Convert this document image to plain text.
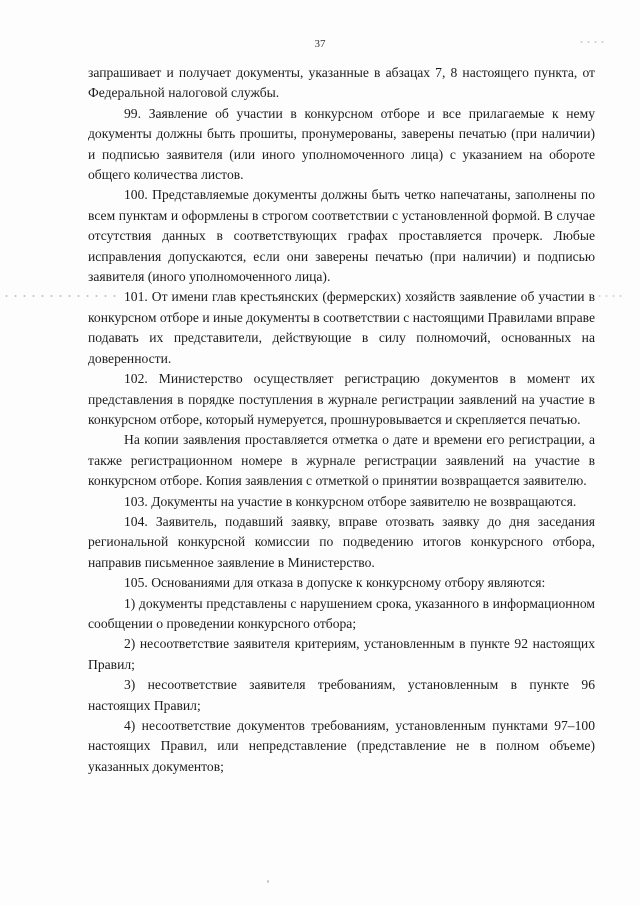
37

запрашивает и получает документы, указанные в абзацах 7, 8 настоящего пункта, от Федеральной налоговой службы.

99. Заявление об участии в конкурсном отборе и все прилагаемые к нему документы должны быть прошиты, пронумерованы, заверены печатью (при наличии) и подписью заявителя (или иного уполномоченного лица) с указанием на обороте общего количества листов.

100. Представляемые документы должны быть четко напечатаны, заполнены по всем пунктам и оформлены в строгом соответствии с установленной формой. В случае отсутствия данных в соответствующих графах проставляется прочерк. Любые исправления допускаются, если они заверены печатью (при наличии) и подписью заявителя (иного уполномоченного лица).

101. От имени глав крестьянских (фермерских) хозяйств заявление об участии в конкурсном отборе и иные документы в соответствии с настоящими Правилами вправе подавать их представители, действующие в силу полномочий, основанных на доверенности.

102. Министерство осуществляет регистрацию документов в момент их представления в порядке поступления в журнале регистрации заявлений на участие в конкурсном отборе, который нумеруется, прошнуровывается и скрепляется печатью.

На копии заявления проставляется отметка о дате и времени его регистрации, а также регистрационном номере в журнале регистрации заявлений на участие в конкурсном отборе. Копия заявления с отметкой о принятии возвращается заявителю.

103. Документы на участие в конкурсном отборе заявителю не возвращаются.

104. Заявитель, подавший заявку, вправе отозвать заявку до дня заседания региональной конкурсной комиссии по подведению итогов конкурсного отбора, направив письменное заявление в Министерство.

105. Основаниями для отказа в допуске к конкурсному отбору являются:

1) документы представлены с нарушением срока, указанного в информационном сообщении о проведении конкурсного отбора;

2) несоответствие заявителя критериям, установленным в пункте 92 настоящих Правил;

3) несоответствие заявителя требованиям, установленным в пункте 96 настоящих Правил;

4) несоответствие документов требованиям, установленным пунктами 97–100 настоящих Правил, или непредставление (представление не в полном объеме) указанных документов;
